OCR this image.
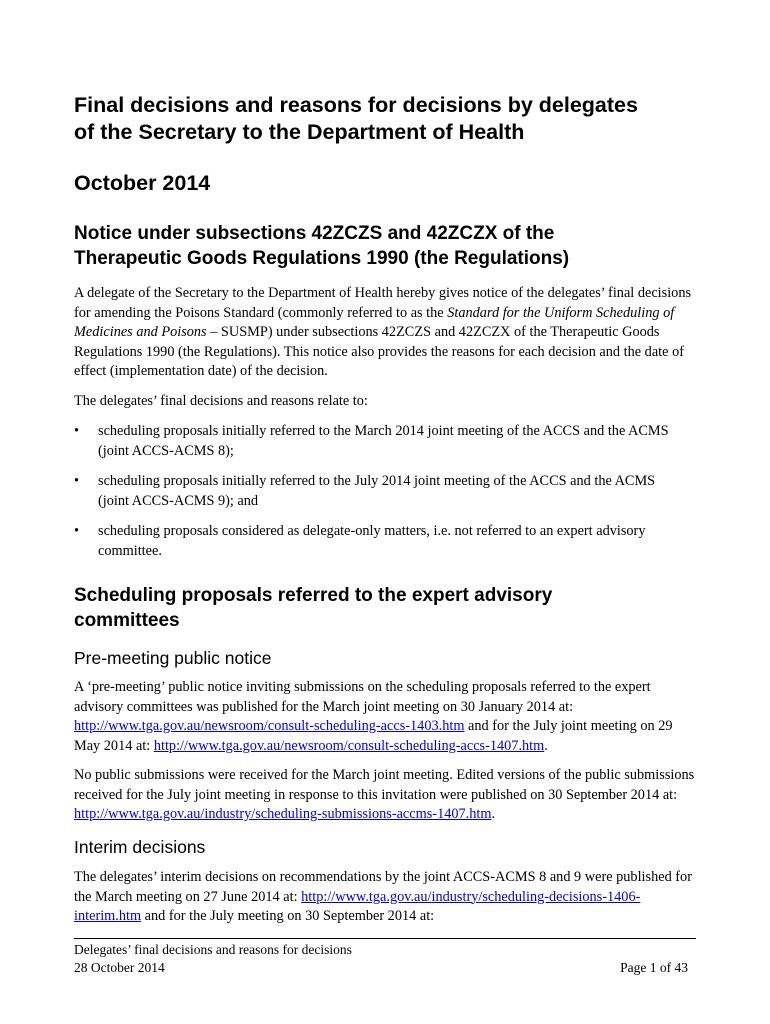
Final decisions and reasons for decisions by delegates
of the Secretary to the Department of Health
October 2014
Notice under subsections 42ZCZS and 42ZCZX of the
Therapeutic Goods Regulations 1990 (the Regulations)

A delegate of the Secretary to the Department of Health hereby gives notice of the delegates’ final decisions for amending the Poisons Standard (commonly referred to as the Standard for the Uniform Scheduling of Medicines and Poisons – SUSMP) under subsections 42ZCZS and 42ZCZX of the Therapeutic Goods Regulations 1990 (the Regulations). This notice also provides the reasons for each decision and the date of effect (implementation date) of the decision.

The delegates’ final decisions and reasons relate to:

• scheduling proposals initially referred to the March 2014 joint meeting of the ACCS and the ACMS (joint ACCS-ACMS 8);
• scheduling proposals initially referred to the July 2014 joint meeting of the ACCS and the ACMS (joint ACCS-ACMS 9); and
• scheduling proposals considered as delegate-only matters, i.e. not referred to an expert advisory committee.
Scheduling proposals referred to the expert advisory
committees
Pre-meeting public notice

A ‘pre-meeting’ public notice inviting submissions on the scheduling proposals referred to the expert advisory committees was published for the March joint meeting on 30 January 2014 at: http://www.tga.gov.au/newsroom/consult-scheduling-accs-1403.htm and for the July joint meeting on 29 May 2014 at: http://www.tga.gov.au/newsroom/consult-scheduling-accs-1407.htm.

No public submissions were received for the March joint meeting. Edited versions of the public submissions received for the July joint meeting in response to this invitation were published on 30 September 2014 at: http://www.tga.gov.au/industry/scheduling-submissions-accms-1407.htm.

Interim decisions

The delegates’ interim decisions on recommendations by the joint ACCS-ACMS 8 and 9 were published for the March meeting on 27 June 2014 at: http://www.tga.gov.au/industry/scheduling-decisions-1406-interim.htm and for the July meeting on 30 September 2014 at:

Delegates’ final decisions and reasons for decisions
28 October 2014	Page 1 of 43
